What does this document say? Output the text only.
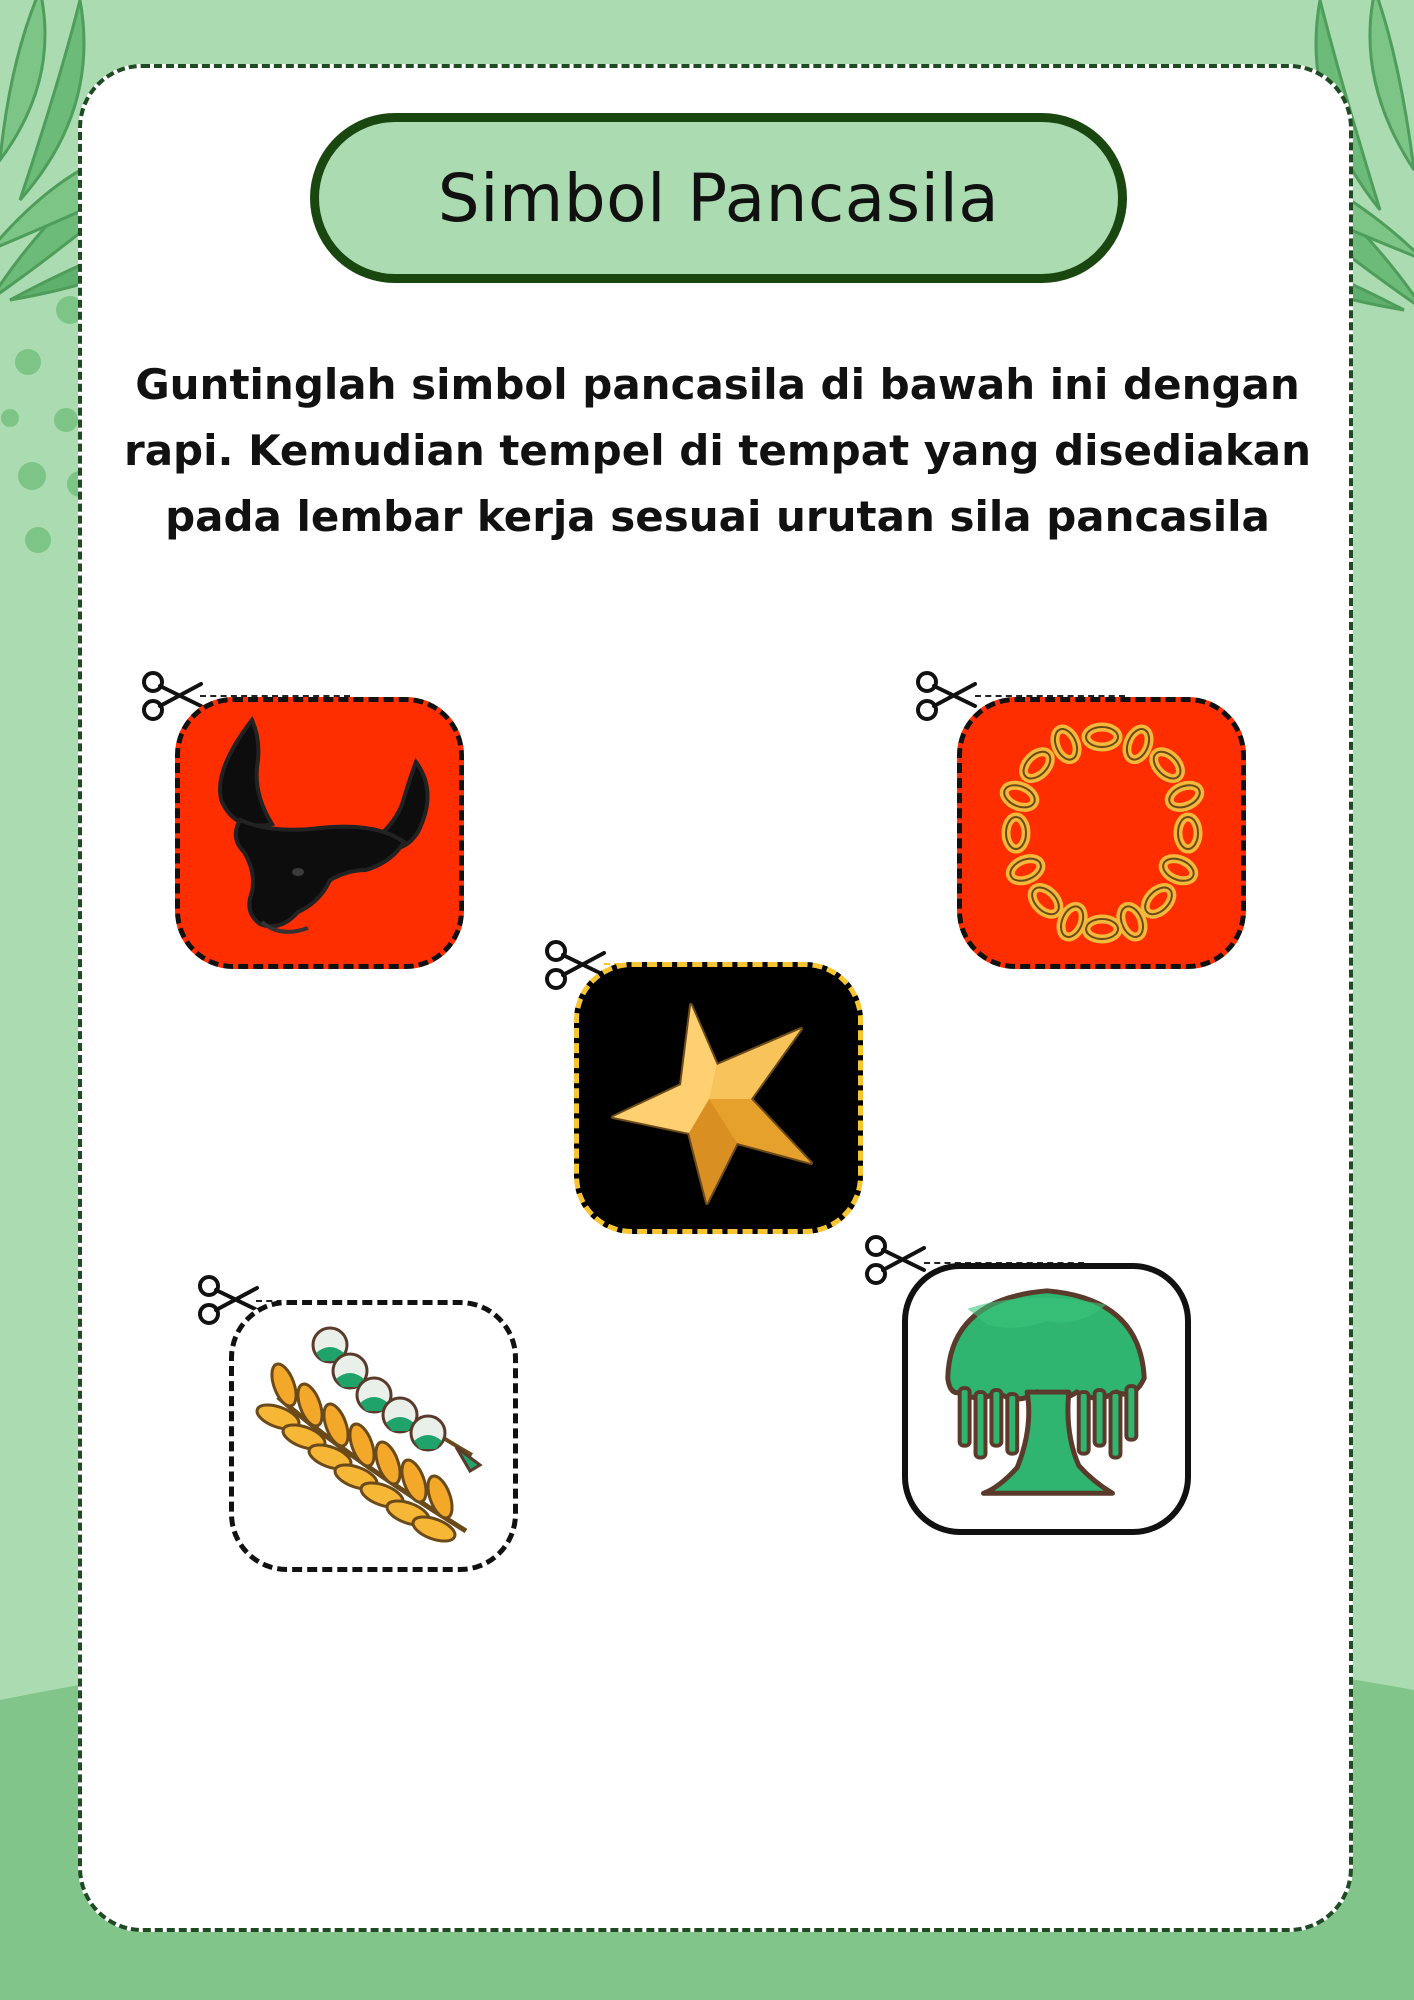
Simbol Pancasila
Guntinglah simbol pancasila di bawah ini dengan rapi. Kemudian tempel di tempat yang disediakan pada lembar kerja sesuai urutan sila pancasila
